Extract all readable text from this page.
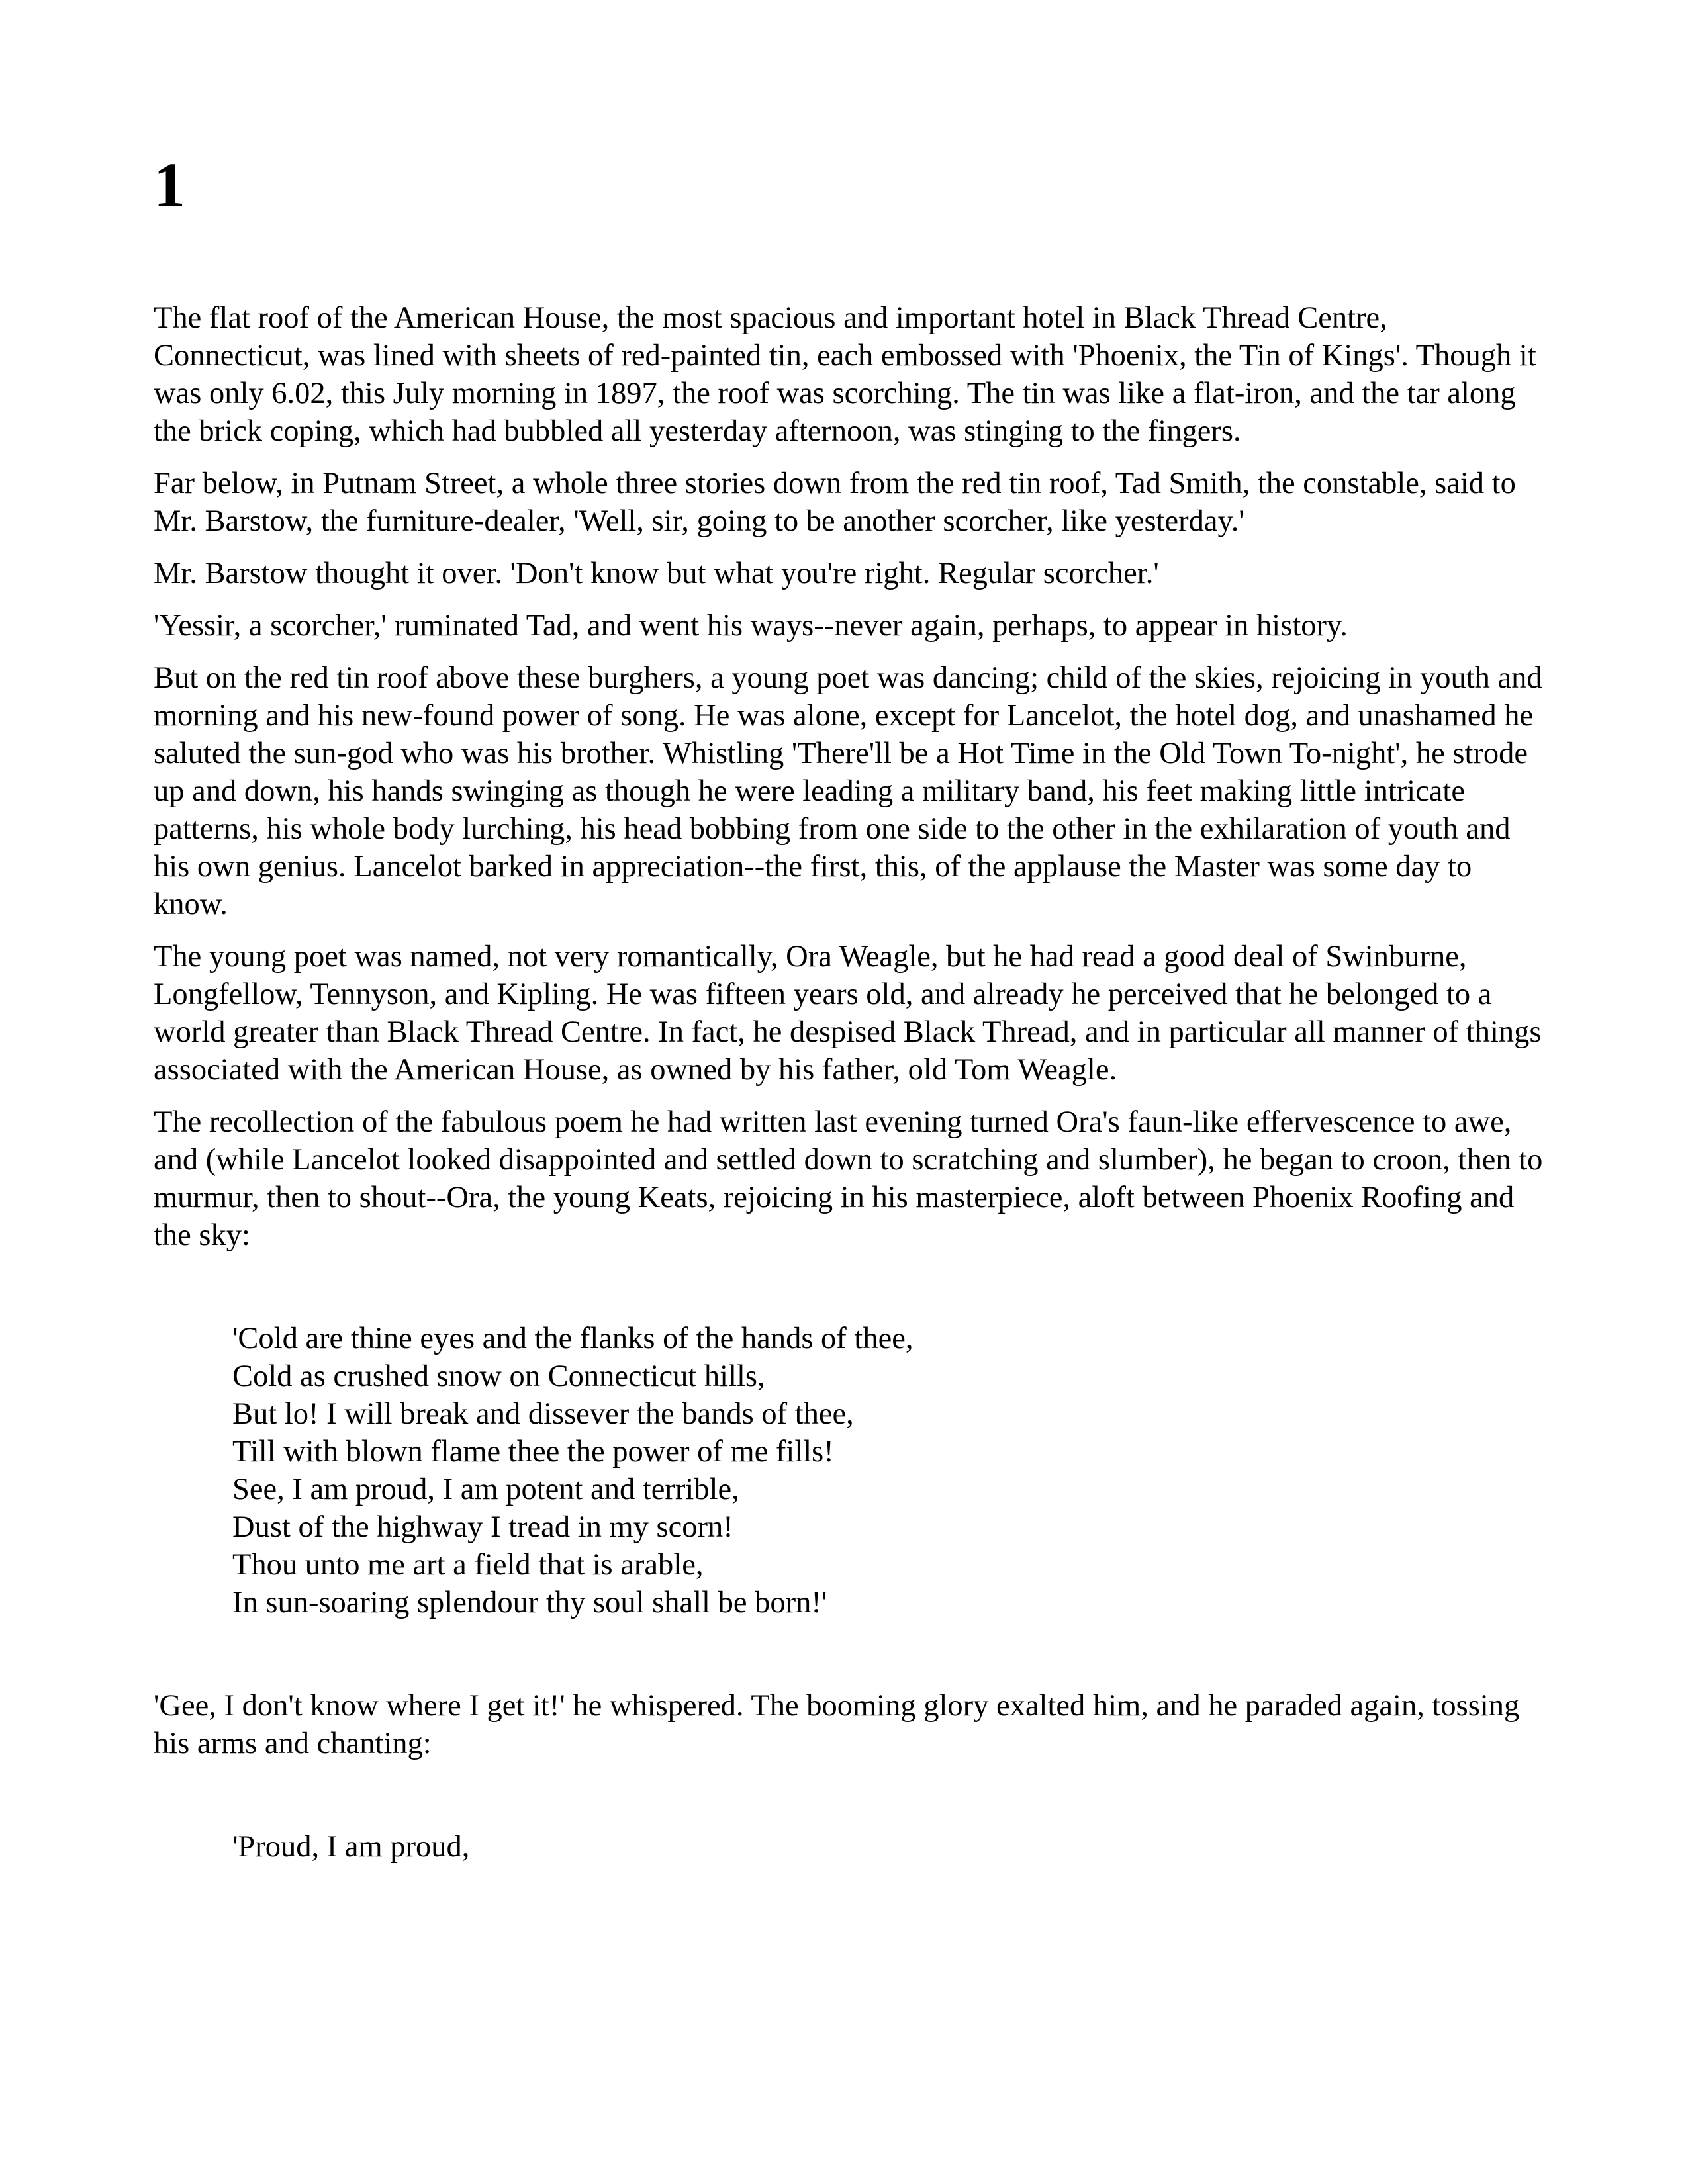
1

The flat roof of the American House, the most spacious and important hotel in Black Thread Centre, Connecticut, was lined with sheets of red-painted tin, each embossed with 'Phoenix, the Tin of Kings'. Though it was only 6.02, this July morning in 1897, the roof was scorching. The tin was like a flat-iron, and the tar along the brick coping, which had bubbled all yesterday afternoon, was stinging to the fingers.

Far below, in Putnam Street, a whole three stories down from the red tin roof, Tad Smith, the constable, said to Mr. Barstow, the furniture-dealer, 'Well, sir, going to be another scorcher, like yesterday.'

Mr. Barstow thought it over. 'Don't know but what you're right. Regular scorcher.'

'Yessir, a scorcher,' ruminated Tad, and went his ways--never again, perhaps, to appear in history.

But on the red tin roof above these burghers, a young poet was dancing; child of the skies, rejoicing in youth and morning and his new-found power of song. He was alone, except for Lancelot, the hotel dog, and unashamed he saluted the sun-god who was his brother. Whistling 'There'll be a Hot Time in the Old Town To-night', he strode up and down, his hands swinging as though he were leading a military band, his feet making little intricate patterns, his whole body lurching, his head bobbing from one side to the other in the exhilaration of youth and his own genius. Lancelot barked in appreciation--the first, this, of the applause the Master was some day to know.

The young poet was named, not very romantically, Ora Weagle, but he had read a good deal of Swinburne, Longfellow, Tennyson, and Kipling. He was fifteen years old, and already he perceived that he belonged to a world greater than Black Thread Centre. In fact, he despised Black Thread, and in particular all manner of things associated with the American House, as owned by his father, old Tom Weagle.

The recollection of the fabulous poem he had written last evening turned Ora's faun-like effervescence to awe, and (while Lancelot looked disappointed and settled down to scratching and slumber), he began to croon, then to murmur, then to shout--Ora, the young Keats, rejoicing in his masterpiece, aloft between Phoenix Roofing and the sky:

'Cold are thine eyes and the flanks of the hands of thee,
Cold as crushed snow on Connecticut hills,
But lo! I will break and dissever the bands of thee,
Till with blown flame thee the power of me fills!
See, I am proud, I am potent and terrible,
Dust of the highway I tread in my scorn!
Thou unto me art a field that is arable,
In sun-soaring splendour thy soul shall be born!'

'Gee, I don't know where I get it!' he whispered. The booming glory exalted him, and he paraded again, tossing his arms and chanting:

'Proud, I am proud,
